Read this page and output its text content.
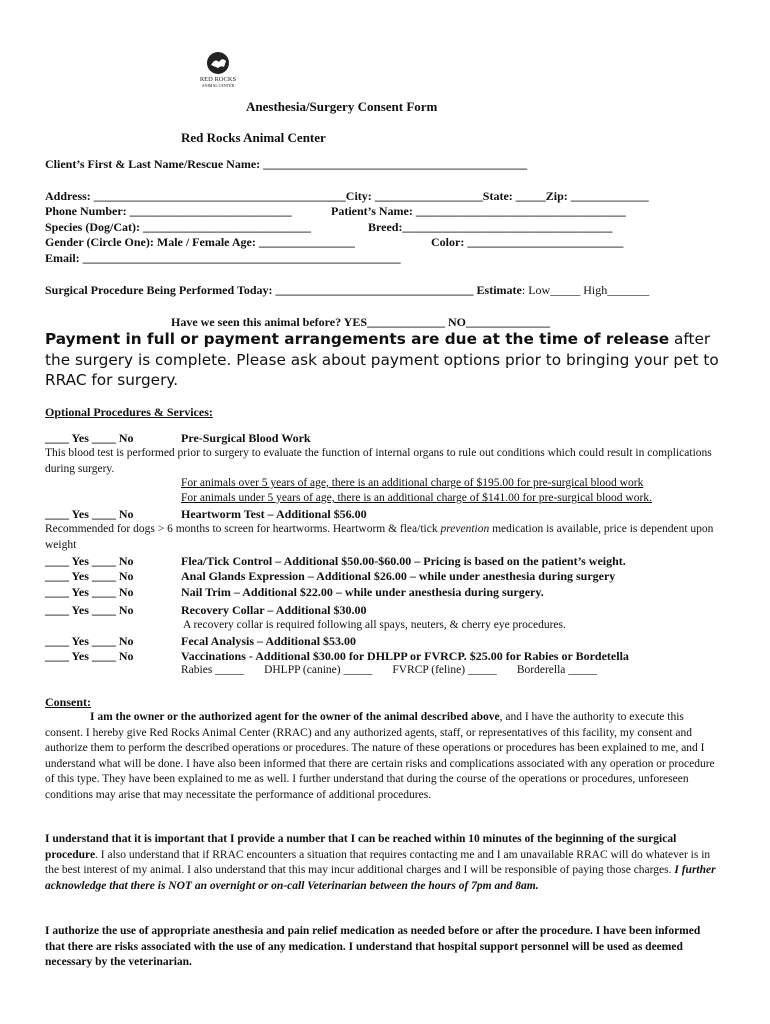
RED ROCKS
ANIMAL CENTER
Anesthesia/Surgery Consent Form
Red Rocks Animal Center
Client’s First & Last Name/Rescue Name: ____________________________________________
Address: __________________________________________City: __________________State: _____Zip: _____________
Phone Number: ___________________________	Patient’s Name: ___________________________________
Species (Dog/Cat): ____________________________	Breed:___________________________________
Gender (Circle One): Male / Female Age: ________________	Color: __________________________
Email: _____________________________________________________
Surgical Procedure Being Performed Today: _________________________________ Estimate: Low_____ High_______
Have we seen this animal before? YES_____________ NO______________
Payment in full or payment arrangements are due at the time of release after the surgery is complete. Please ask about payment options prior to bringing your pet to RRAC for surgery.
Optional Procedures & Services:
____ Yes ____ No	Pre-Surgical Blood Work
This blood test is performed prior to surgery to evaluate the function of internal organs to rule out conditions which could result in complications during surgery.
For animals over 5 years of age, there is an additional charge of $195.00 for pre-surgical blood work
For animals under 5 years of age, there is an additional charge of $141.00 for pre-surgical blood work.
____ Yes ____ No	Heartworm Test – Additional $56.00
Recommended for dogs > 6 months to screen for heartworms. Heartworm & flea/tick prevention medication is available, price is dependent upon weight
____ Yes ____ No	Flea/Tick Control – Additional $50.00-$60.00 – Pricing is based on the patient’s weight.
____ Yes ____ No	Anal Glands Expression – Additional $26.00 – while under anesthesia during surgery
____ Yes ____ No	Nail Trim – Additional $22.00 – while under anesthesia during surgery.
____ Yes ____ No	Recovery Collar – Additional $30.00
A recovery collar is required following all spays, neuters, & cherry eye procedures.
____ Yes ____ No	Fecal Analysis – Additional $53.00
____ Yes ____ No	Vaccinations - Additional $30.00 for DHLPP or FVRCP. $25.00 for Rabies or Bordetella
Rabies _____ DHLPP (canine) _____ FVRCP (feline) _____ Borderella _____
Consent:
I am the owner or the authorized agent for the owner of the animal described above, and I have the authority to execute this consent. I hereby give Red Rocks Animal Center (RRAC) and any authorized agents, staff, or representatives of this facility, my consent and authorize them to perform the described operations or procedures. The nature of these operations or procedures has been explained to me, and I understand what will be done. I have also been informed that there are certain risks and complications associated with any operation or procedure of this type. They have been explained to me as well. I further understand that during the course of the operations or procedures, unforeseen conditions may arise that may necessitate the performance of additional procedures.
I understand that it is important that I provide a number that I can be reached within 10 minutes of the beginning of the surgical procedure. I also understand that if RRAC encounters a situation that requires contacting me and I am unavailable RRAC will do whatever is in the best interest of my animal. I also understand that this may incur additional charges and I will be responsible of paying those charges. I further acknowledge that there is NOT an overnight or on-call Veterinarian between the hours of 7pm and 8am.
I authorize the use of appropriate anesthesia and pain relief medication as needed before or after the procedure. I have been informed that there are risks associated with the use of any medication. I understand that hospital support personnel will be used as deemed necessary by the veterinarian.
